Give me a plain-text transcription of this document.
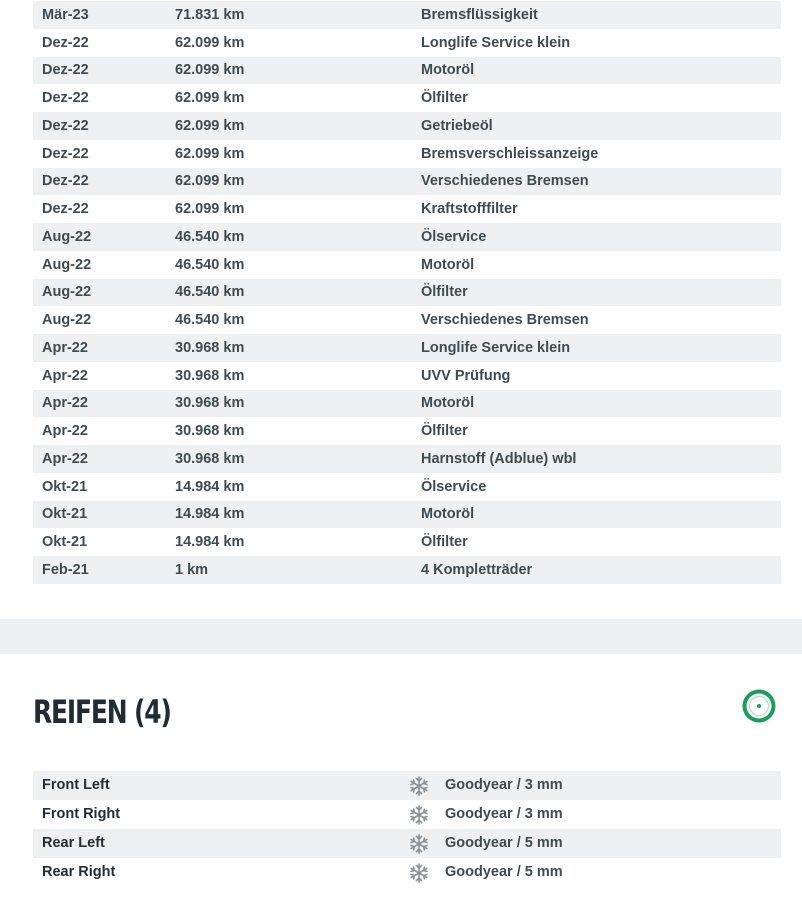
Mär-23	71.831 km	Bremsflüssigkeit
Dez-22	62.099 km	Longlife Service klein
Dez-22	62.099 km	Motoröl
Dez-22	62.099 km	Ölfilter
Dez-22	62.099 km	Getriebeöl
Dez-22	62.099 km	Bremsverschleissanzeige
Dez-22	62.099 km	Verschiedenes Bremsen
Dez-22	62.099 km	Kraftstofffilter
Aug-22	46.540 km	Ölservice
Aug-22	46.540 km	Motoröl
Aug-22	46.540 km	Ölfilter
Aug-22	46.540 km	Verschiedenes Bremsen
Apr-22	30.968 km	Longlife Service klein
Apr-22	30.968 km	UVV Prüfung
Apr-22	30.968 km	Motoröl
Apr-22	30.968 km	Ölfilter
Apr-22	30.968 km	Harnstoff (Adblue) wbl
Okt-21	14.984 km	Ölservice
Okt-21	14.984 km	Motoröl
Okt-21	14.984 km	Ölfilter
Feb-21	1 km	4 Kompletträder
REIFEN (4)
Front Left	Goodyear / 3 mm
Front Right	Goodyear / 3 mm
Rear Left	Goodyear / 5 mm
Rear Right	Goodyear / 5 mm
